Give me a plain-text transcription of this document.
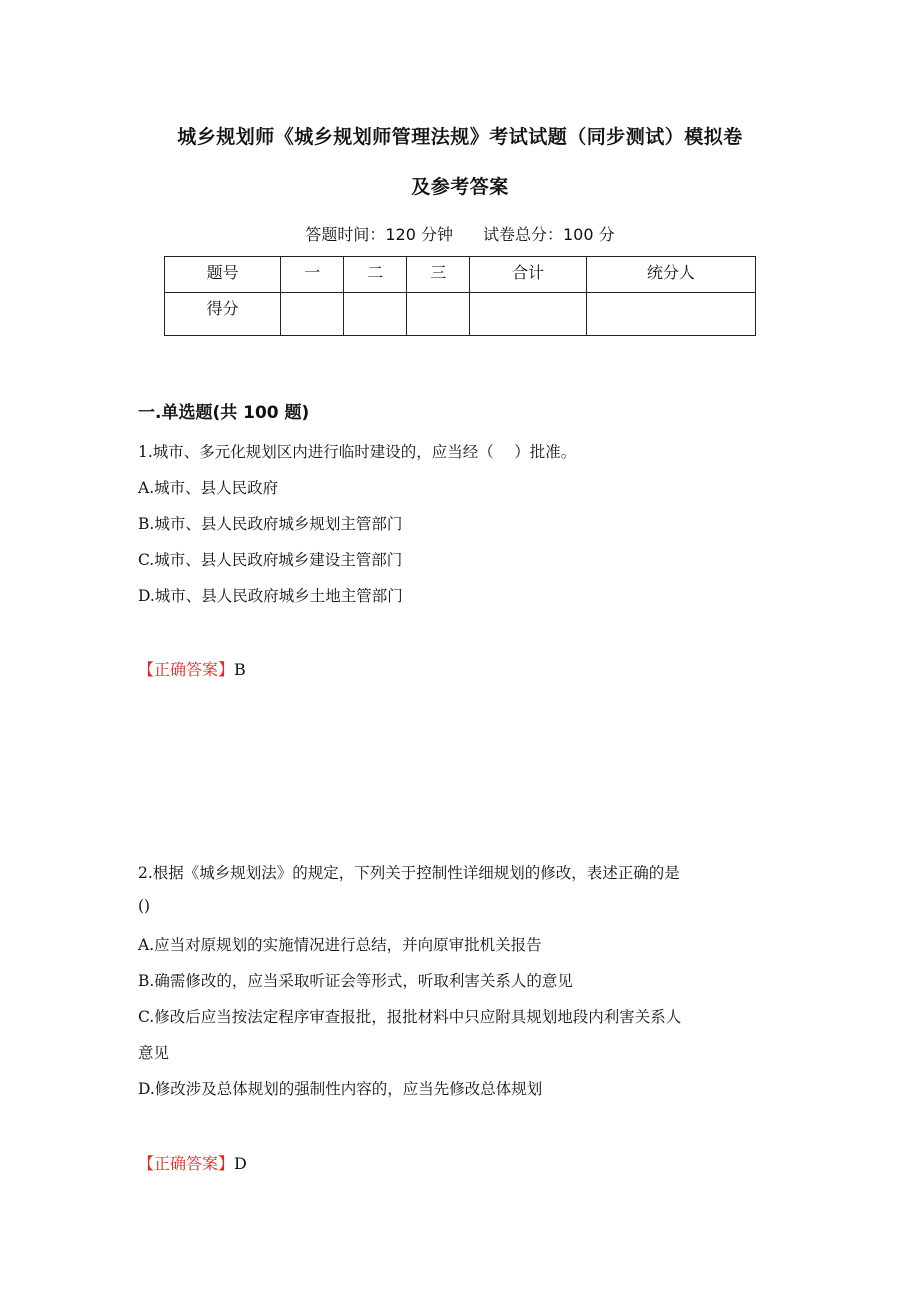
城乡规划师《城乡规划师管理法规》考试试题（同步测试）模拟卷
及参考答案
答题时间：120 分钟 试卷总分：100 分
题号	一	二	三	合计	统分人
得分					
一.单选题(共 100 题)
1.城市、多元化规划区内进行临时建设的，应当经（　 ）批准。
A.城市、县人民政府
B.城市、县人民政府城乡规划主管部门
C.城市、县人民政府城乡建设主管部门
D.城市、县人民政府城乡土地主管部门
【正确答案】B
2.根据《城乡规划法》的规定，下列关于控制性详细规划的修改，表述正确的是
()
A.应当对原规划的实施情况进行总结，并向原审批机关报告
B.确需修改的，应当采取听证会等形式，听取利害关系人的意见
C.修改后应当按法定程序审查报批，报批材料中只应附具规划地段内利害关系人
意见
D.修改涉及总体规划的强制性内容的，应当先修改总体规划
【正确答案】D
